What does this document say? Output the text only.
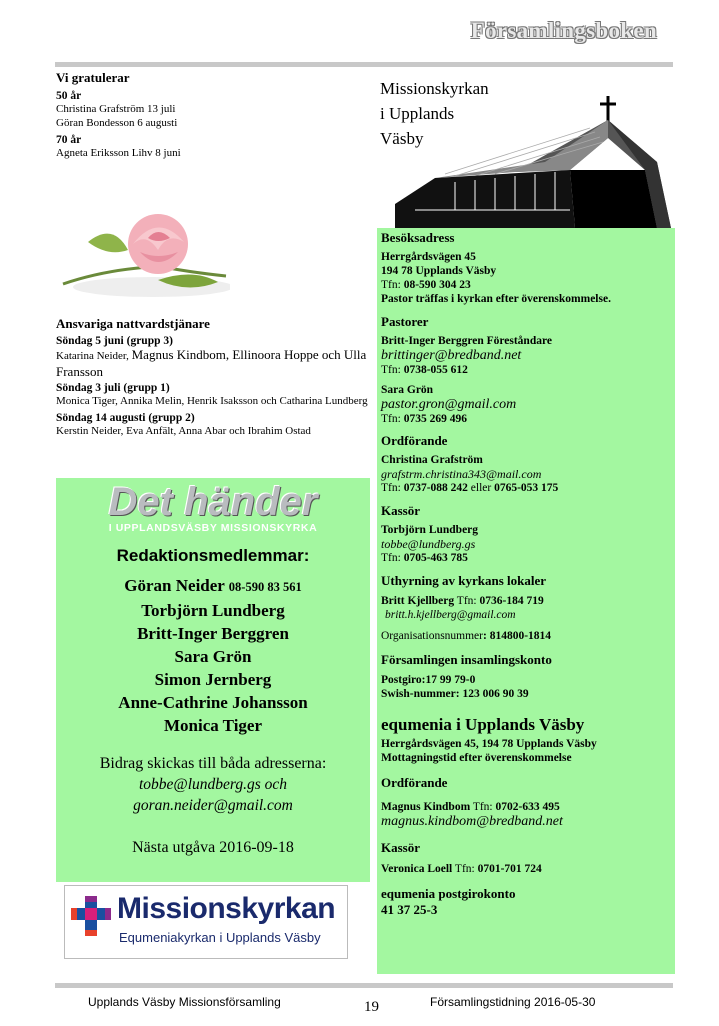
Församlingsboken
Vi gratulerar
50 år
Christina Grafström 13 juli
Göran Bondesson 6 augusti
70 år
Agneta Eriksson Lihv 8 juni
Missionskyrkan
i Upplands
Väsby
Ansvariga nattvardstjänare
Söndag 5 juni (grupp 3)
Katarina Neider, Magnus Kindbom, Ellinoora Hoppe och Ulla Fransson
Söndag 3 juli (grupp 1)
Monica Tiger, Annika Melin, Henrik Isaksson och Catharina Lundberg
Söndag 14 augusti (grupp 2)
Kerstin Neider, Eva Anfält, Anna Abar och Ibrahim Ostad
Det händer
I UPPLANDSVÄSBY MISSIONSKYRKA
Redaktionsmedlemmar:
Göran Neider 08-590 83 561
Torbjörn Lundberg
Britt-Inger Berggren
Sara Grön
Simon Jernberg
Anne-Cathrine Johansson
Monica Tiger
Bidrag skickas till båda adresserna:
tobbe@lundberg.gs och
goran.neider@gmail.com
Nästa utgåva 2016-09-18
Missionskyrkan
Equmeniakyrkan i Upplands Väsby
Besöksadress
Herrgårdsvägen 45
194 78 Upplands Väsby
Tfn: 08-590 304 23
Pastor träffas i kyrkan efter överenskommelse.
Pastorer
Britt-Inger Berggren Föreståndare
brittinger@bredband.net
Tfn: 0738-055 612
Sara Grön
pastor.gron@gmail.com
Tfn: 0735 269 496
Ordförande
Christina Grafström
grafstrm.christina343@mail.com
Tfn: 0737-088 242 eller 0765-053 175
Kassör
Torbjörn Lundberg
tobbe@lundberg.gs
Tfn: 0705-463 785
Uthyrning av kyrkans lokaler
Britt Kjellberg Tfn: 0736-184 719
britt.h.kjellberg@gmail.com
Organisationsnummer: 814800-1814
Församlingen insamlingskonto
Postgiro:17 99 79-0
Swish-nummer: 123 006 90 39
equmenia i Upplands Väsby
Herrgårdsvägen 45, 194 78 Upplands Väsby
Mottagningstid efter överenskommelse
Ordförande
Magnus Kindbom Tfn: 0702-633 495
magnus.kindbom@bredband.net
Kassör
Veronica Loell Tfn: 0701-701 724
equmenia postgirokonto
41 37 25-3
Upplands Väsby Missionsförsamling	19	Församlingstidning 2016-05-30
